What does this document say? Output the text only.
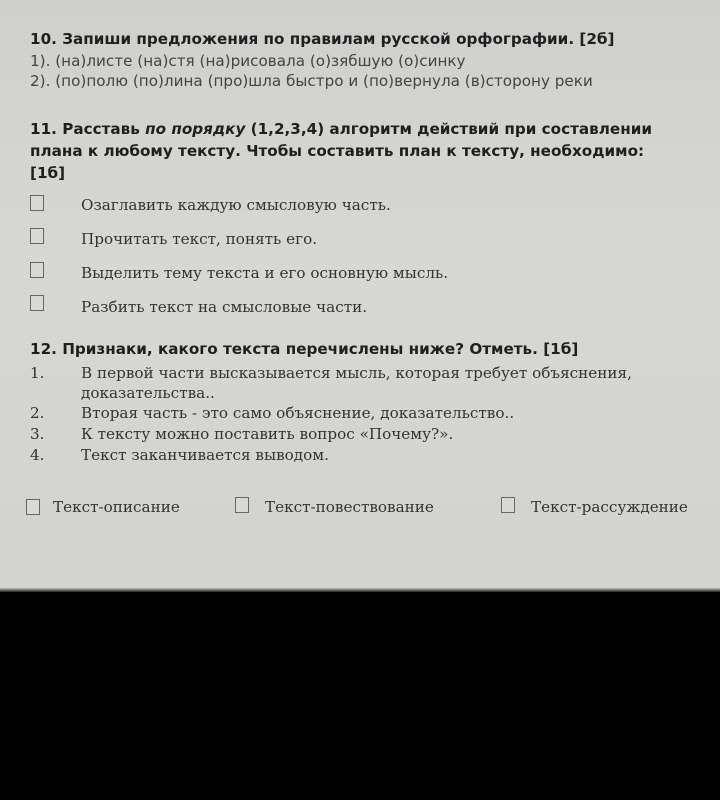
10. Запиши предложения по правилам русской орфографии. [2б]
1). (на)листе (на)стя (на)рисовала (о)зябшую (о)синку
2). (по)полю (по)лина (про)шла быстро и (по)вернула (в)сторону реки
11. Расставь по порядку (1,2,3,4) алгоритм действий при составлении
плана к любому тексту. Чтобы составить план к тексту, необходимо:
[1б]
Озаглавить каждую смысловую часть.
Прочитать текст, понять его.
Выделить тему текста и его основную мысль.
Разбить текст на смысловые части.
12. Признаки, какого текста перечислены ниже? Отметь. [1б]
1. В первой части высказывается мысль, которая требует объяснения,
доказательства..
2. Вторая часть - это само объяснение, доказательство..
3. К тексту можно поставить вопрос «Почему?».
4. Текст заканчивается выводом.
Текст-описание	Текст-повествование	Текст-рассуждение
